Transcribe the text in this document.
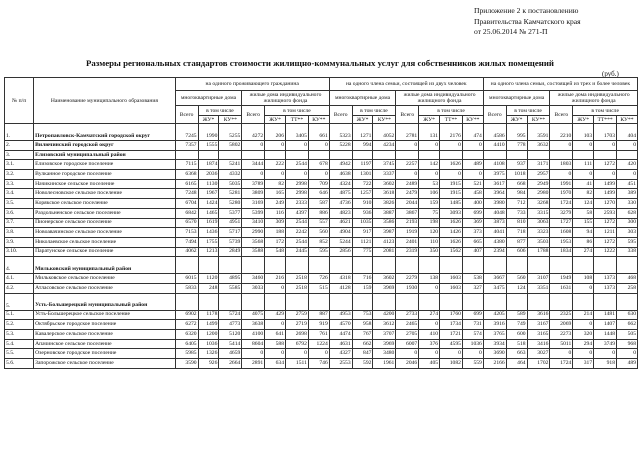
Приложение 2 к постановлению
Правительства Камчатского края
от 25.06.2014 № 271-П
Размеры региональных стандартов стоимости жилищно-коммунальных услуг для собственников жилых помещений
(руб.)
№ п/п	Наименование муниципального образования	на одиного проживающего гражданина							на одного члена семьи, состоящей из двух человек							на одного члена семьи, состоящей из трех и более человек						
		многоквартирные дома			жилые дома индивидуального жилищного фонда				многоквартирные дома			жилые дома индивидуального жилищного фонда				многоквартирные дома			жилые дома индивидуального жилищного фонда			
		Всего	в том числе		Всего	в том числе			Всего	в том числе		Всего	в том числе			Всего	в том числе		Всего	в том числе		
			ЖУ*	КУ**		ЖУ*	ТТ**	КУ**		ЖУ*	КУ**		ЖУ*	ТТ**	КУ**		ЖУ*	КУ**		ЖУ*	ТТ***	КУ**
1.	Петропавловск-Камчатский городской округ	7245	1990	5255	4272	206	3405	661	5323	1271	4052	2781	131	2176	474	4586	995	3591	2210	103	1703	404
2.	Вилючинский городской округ	7357	1555	5802	0	0	0	0	5228	994	4234	0	0	0	0	4410	778	3632	0	0	0	0
3.	Елизовский муниципальный район																					
3.1.	Елизовское городское поселение	7115	1874	5241	3444	222	2544	678	4942	1197	3745	2257	142	1626	489	4108	937	3171	1803	111	1272	420
3.2.	Вулканное городское поселение	6368	2036	4332	0	0	0	0	4638	1301	3337	0	0	0	0	3975	1018	2957	0	0	0	0
3.3.	Начикинское сельское поселение	6165	1130	5035	3789	82	2998	709	4324	722	3602	2489	53	1915	521	3617	668	2949	1991	41	1499	451
3.4.	Новолесновское сельское поселение	7248	1967	5281	3809	165	2998	646	4875	1257	3618	2479	106	1915	458	3964	984	2980	1970	82	1499	389
3.5.	Корякское сельское поселение	6704	1424	5280	3169	249	2333	587	4736	910	3826	2044	159	1485	400	3980	712	3268	1724	124	1270	330
3.6.	Раздольненское сельское поселение	6842	1465	5377	5399	116	4397	886	4823	936	3887	3867	75	3093	699	4048	733	3315	3279	58	2593	628
3.7.	Пионерское сельское поселение	6570	1619	4951	3410	309	2544	557	4621	1035	3586	2193	198	1626	369	3873	810	3063	1727	155	1272	300
3.8.	Новоавачинское сельское поселение	7153	1436	5717	2990	188	2242	560	4904	917	3987	1919	120	1426	373	4041	718	3323	1608	94	1211	303
3.9.	Николаевское сельское поселение	7494	1755	5739	3568	172	2544	852	5244	1121	4123	2401	110	1626	665	4380	877	3503	1953	86	1272	595
3.10.	Паратунское сельское поселение	4062	1213	2849	3588	548	2445	595	2856	775	2081	2319	350	1562	407	2394	606	1788	1834	274	1222	338
4.	Мильковский муниципальный район																					
4.1.	Мильковское сельское поселение	6015	1120	4895	3460	216	2518	726	4318	716	3602	2279	138	1603	538	3667	560	3107	1949	108	1373	468
4.2.	Атласовское сельское поселение	5833	248	5585	3033	0	2518	515	4128	159	3969	1930	0	1603	327	3475	124	3351	1631	0	1373	258
5.	Усть-Большерецкий муниципальный район																					
5.1.	Усть-Большерецкое сельское поселение	6902	1178	5724	4075	429	2759	887	4953	753	4200	2733	274	1760	699	4205	589	3616	2325	214	1481	630
5.2.	Октябрьское городское поселение	6272	1499	4773	3638	0	2719	919	4570	958	3612	2465	0	1734	731	3916	749	3167	2069	0	1407	662
5.3.	Кавалерское сельское поселение	6320	1200	5120	4100	641	2698	761	4474	767	3707	2705	410	1721	574	3765	600	3165	2273	320	1448	505
5.4.	Апачинское сельское поселение	6405	1036	5414	8604	588	6792	1224	4631	662	3969	6007	376	4595	1036	3934	518	3416	5011	294	3749	968
5.5.	Озерновское городское поселение	5985	1326	4659	0	0	0	0	4327	847	3480	0	0	0	0	3690	663	3027	0	0	0	0
5.6.	Запорожское сельское поселение	3590	926	2664	2891	634	1511	746	2553	592	1961	2046	405	1082	559	2166	464	1702	1724	317	918	489
